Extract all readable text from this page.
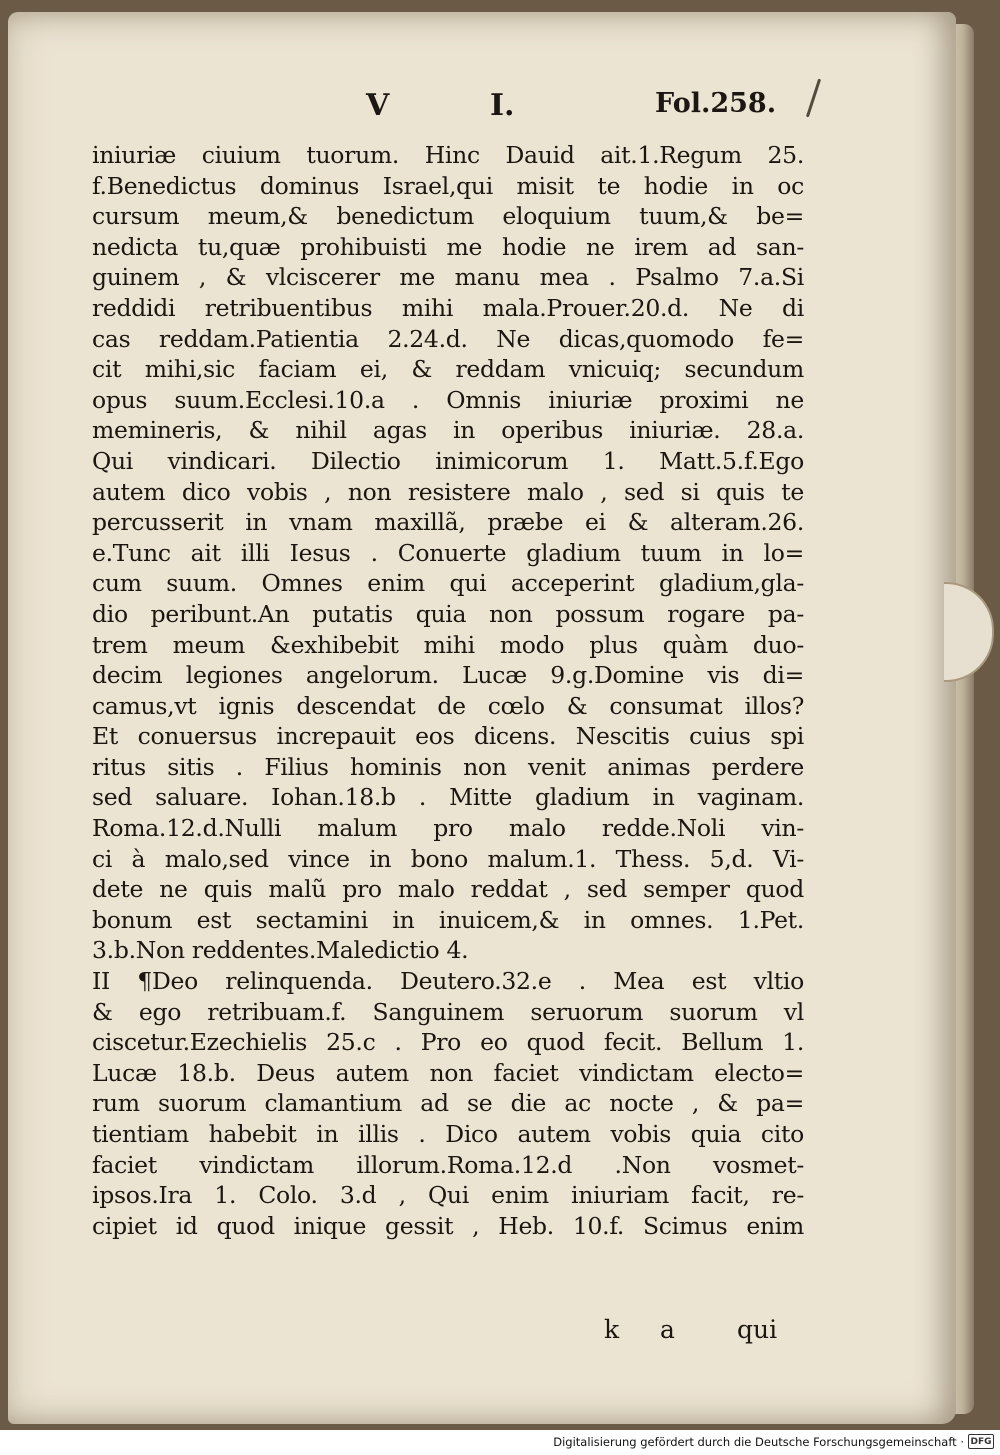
V	I.	Fol.258.
iniuriæ ciuium tuorum. Hinc Dauid ait.1.Regum 25.
f.Benedictus dominus Israel,qui misit te hodie in oc
cursum meum,& benedictum eloquium tuum,& be=
nedicta tu,quæ prohibuisti me hodie ne irem ad san-
guinem , & vlciscerer me manu mea . Psalmo 7.a.Si
reddidi retribuentibus mihi mala.Prouer.20.d. Ne di
cas reddam.Patientia 2.24.d. Ne dicas,quomodo fe=
cit mihi,sic faciam ei, & reddam vnicuiq; secundum
opus suum.Ecclesi.10.a . Omnis iniuriæ proximi ne
memineris, & nihil agas in operibus iniuriæ. 28.a.
Qui vindicari. Dilectio inimicorum 1. Matt.5.f.Ego
autem dico vobis , non resistere malo , sed si quis te
percusserit in vnam maxillã, præbe ei & alteram.26.
e.Tunc ait illi Iesus . Conuerte gladium tuum in lo=
cum suum. Omnes enim qui acceperint gladium,gla-
dio peribunt.An putatis quia non possum rogare pa-
trem meum &exhibebit mihi modo plus quàm duo-
decim legiones angelorum. Lucæ 9.g.Domine vis di=
camus,vt ignis descendat de cœlo & consumat illos?
Et conuersus increpauit eos dicens. Nescitis cuius spi
ritus sitis . Filius hominis non venit animas perdere
sed saluare. Iohan.18.b . Mitte gladium in vaginam.
Roma.12.d.Nulli malum pro malo redde.Noli vin-
ci à malo,sed vince in bono malum.1. Thess. 5,d. Vi-
dete ne quis malũ pro malo reddat , sed semper quod
bonum est sectamini in inuicem,& in omnes. 1.Pet.
3.b.Non reddentes.Maledictio 4.
II ¶Deo relinquenda. Deutero.32.e . Mea est vltio
& ego retribuam.f. Sanguinem seruorum suorum vl
ciscetur.Ezechielis 25.c . Pro eo quod fecit. Bellum 1.
Lucæ 18.b. Deus autem non faciet vindictam electo=
rum suorum clamantium ad se die ac nocte , & pa=
tientiam habebit in illis . Dico autem vobis quia cito
faciet vindictam illorum.Roma.12.d .Non vosmet-
ipsos.Ira 1. Colo. 3.d , Qui enim iniuriam facit, re-
cipiet id quod inique gessit , Heb. 10.f. Scimus enim
k a qui
Digitalisierung gefördert durch die Deutsche Forschungsgemeinschaft · DFG
